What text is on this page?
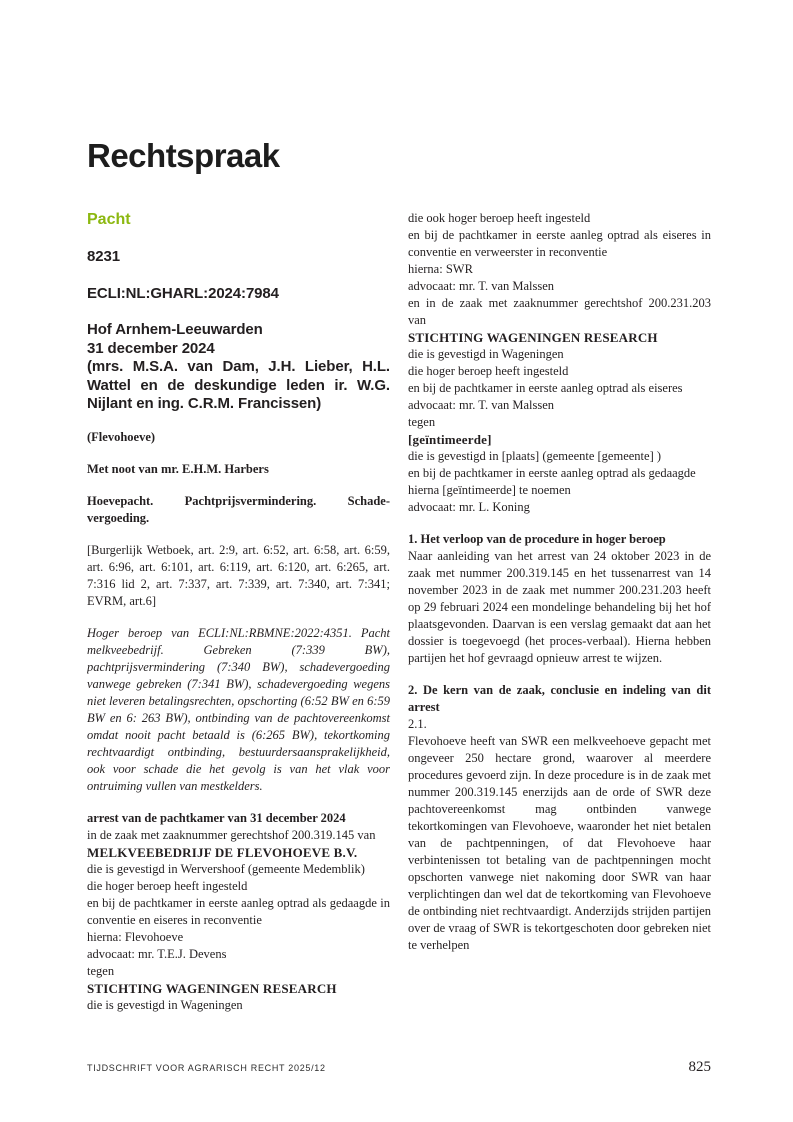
Rechtspraak
Pacht
8231
ECLI:NL:GHARL:2024:7984
Hof Arnhem-Leeuwarden
31 december 2024
(mrs. M.S.A. van Dam, J.H. Lieber, H.L. Wattel en de deskundige leden ir. W.G. Nijlant en ing. C.R.M. Francissen)
(Flevohoeve)
Met noot van mr. E.H.M. Harbers
Hoevepacht. Pachtprijsvermindering. Schadevergoeding.
[Burgerlijk Wetboek, art. 2:9, art. 6:52, art. 6:58, art. 6:59, art. 6:96, art. 6:101, art. 6:119, art. 6:120, art. 6:265, art. 7:316 lid 2, art. 7:337, art. 7:339, art. 7:340, art. 7:341; EVRM, art.6]
Hoger beroep van ECLI:NL:RBMNE:2022:4351. Pacht melkveebedrijf. Gebreken (7:339 BW), pachtprijsvermindering (7:340 BW), schadevergoeding vanwege gebreken (7:341 BW), schadevergoeding wegens niet leveren betalingsrechten, opschorting (6:52 BW en 6:59 BW en 6: 263 BW), ontbinding van de pachtovereenkomst omdat nooit pacht betaald is (6:265 BW), tekortkoming rechtvaardigt ontbinding, bestuurdersaansprakelijkheid, ook voor schade die het gevolg is van het vlak voor ontruiming vullen van mestkelders.
arrest van de pachtkamer van 31 december 2024
in de zaak met zaaknummer gerechtshof 200.319.145 van
MELKVEEBEDRIJF DE FLEVOHOEVE B.V.
die is gevestigd in Wervershoof (gemeente Medemblik)
die hoger beroep heeft ingesteld
en bij de pachtkamer in eerste aanleg optrad als gedaagde in conventie en eiseres in reconventie
hierna: Flevohoeve
advocaat: mr. T.E.J. Devens
tegen
STICHTING WAGENINGEN RESEARCH
die is gevestigd in Wageningen
die ook hoger beroep heeft ingesteld
en bij de pachtkamer in eerste aanleg optrad als eiseres in conventie en verweerster in reconventie
hierna: SWR
advocaat: mr. T. van Malssen
en in de zaak met zaaknummer gerechtshof 200.231.203 van
STICHTING WAGENINGEN RESEARCH
die is gevestigd in Wageningen
die hoger beroep heeft ingesteld
en bij de pachtkamer in eerste aanleg optrad als eiseres
advocaat: mr. T. van Malssen
tegen
[geïntimeerde]
die is gevestigd in [plaats] (gemeente [gemeente] )
en bij de pachtkamer in eerste aanleg optrad als gedaagde
hierna [geïntimeerde] te noemen
advocaat: mr. L. Koning
1. Het verloop van de procedure in hoger beroep
Naar aanleiding van het arrest van 24 oktober 2023 in de zaak met nummer 200.319.145 en het tussenarrest van 14 november 2023 in de zaak met nummer 200.231.203 heeft op 29 februari 2024 een mondelinge behandeling bij het hof plaatsgevonden. Daarvan is een verslag gemaakt dat aan het dossier is toegevoegd (het proces-verbaal). Hierna hebben partijen het hof gevraagd opnieuw arrest te wijzen.
2. De kern van de zaak, conclusie en indeling van dit arrest
2.1.
Flevohoeve heeft van SWR een melkveehoeve gepacht met ongeveer 250 hectare grond, waarover al meerdere procedures gevoerd zijn. In deze procedure is in de zaak met nummer 200.319.145 enerzijds aan de orde of SWR deze pachtovereenkomst mag ontbinden vanwege tekortkomingen van Flevohoeve, waaronder het niet betalen van de pachtpenningen, of dat Flevohoeve haar verbintenissen tot betaling van de pachtpenningen mocht opschorten vanwege niet nakoming door SWR van haar verplichtingen dan wel dat de tekortkoming van Flevohoeve de ontbinding niet rechtvaardigt. Anderzijds strijden partijen over de vraag of SWR is tekortgeschoten door gebreken niet te verhelpen
TIJDSCHRIFT VOOR AGRARISCH RECHT 2025/12	825
